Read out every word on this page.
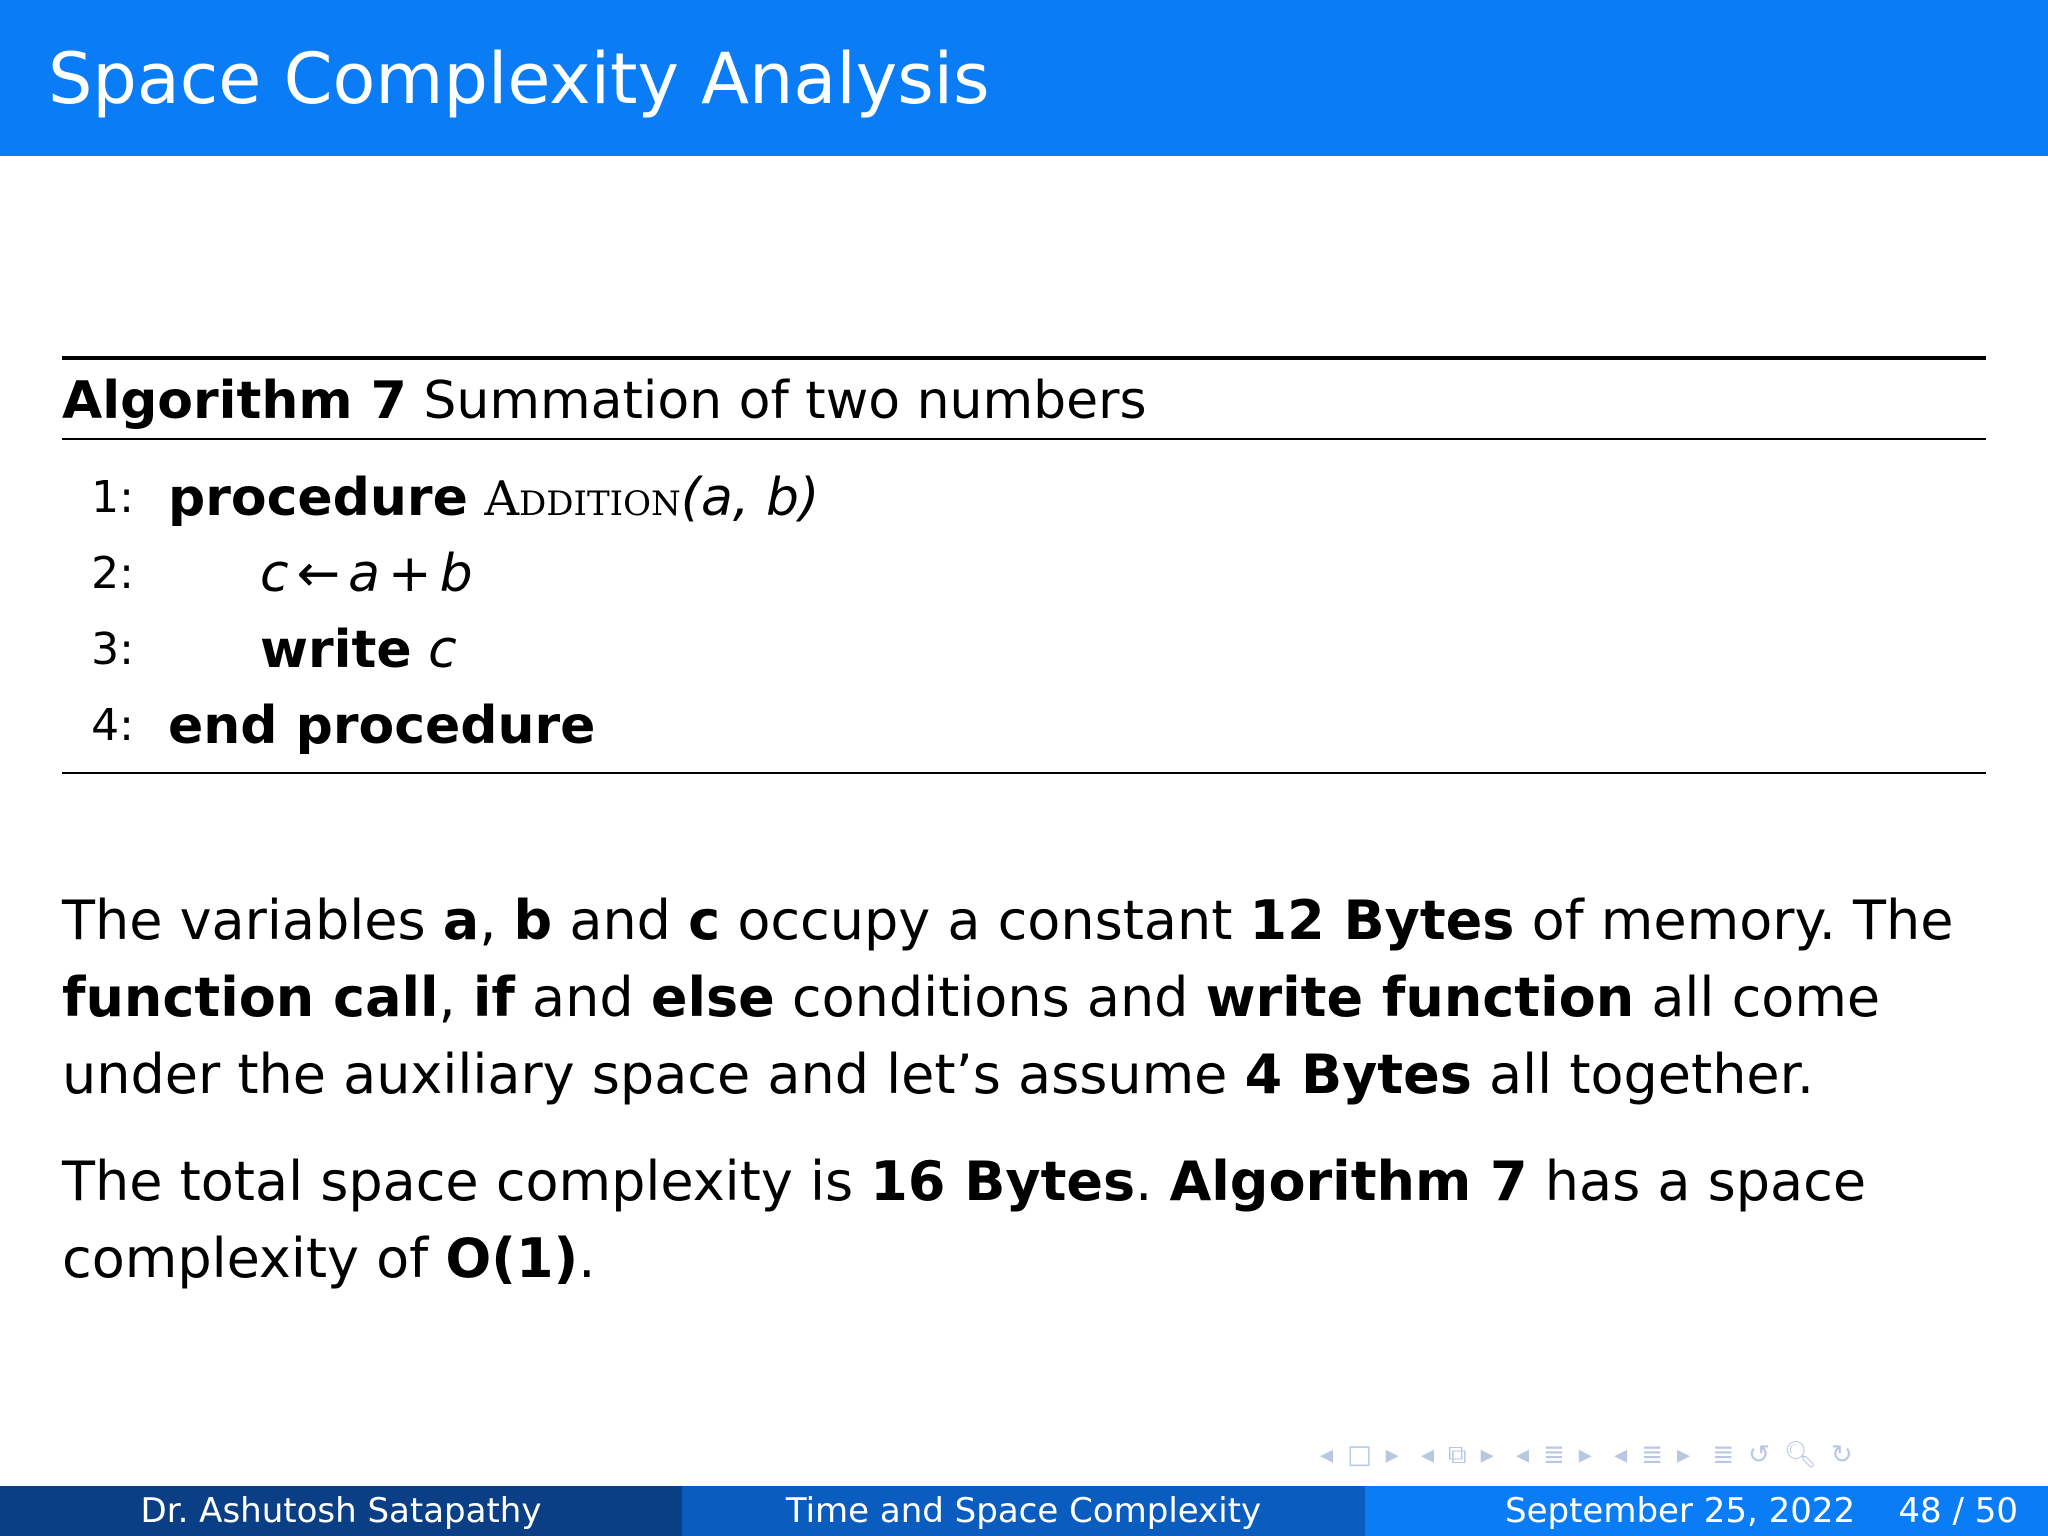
Space Complexity Analysis
Algorithm 7 Summation of two numbers
1: procedure Addition(a, b)
2: c ← a + b
3: write c
4: end procedure
The variables a, b and c occupy a constant 12 Bytes of memory. The function call, if and else conditions and write function all come under the auxiliary space and let’s assume 4 Bytes all together.
The total space complexity is 16 Bytes. Algorithm 7 has a space complexity of O(1).
◂ □ ▸ ◂ ⧉ ▸ ◂ ≣ ▸ ◂ ≣ ▸ ≣ ↺ 🔍︎ ↻
Dr. Ashutosh Satapathy	Time and Space Complexity	September 25, 2022 48 / 50
